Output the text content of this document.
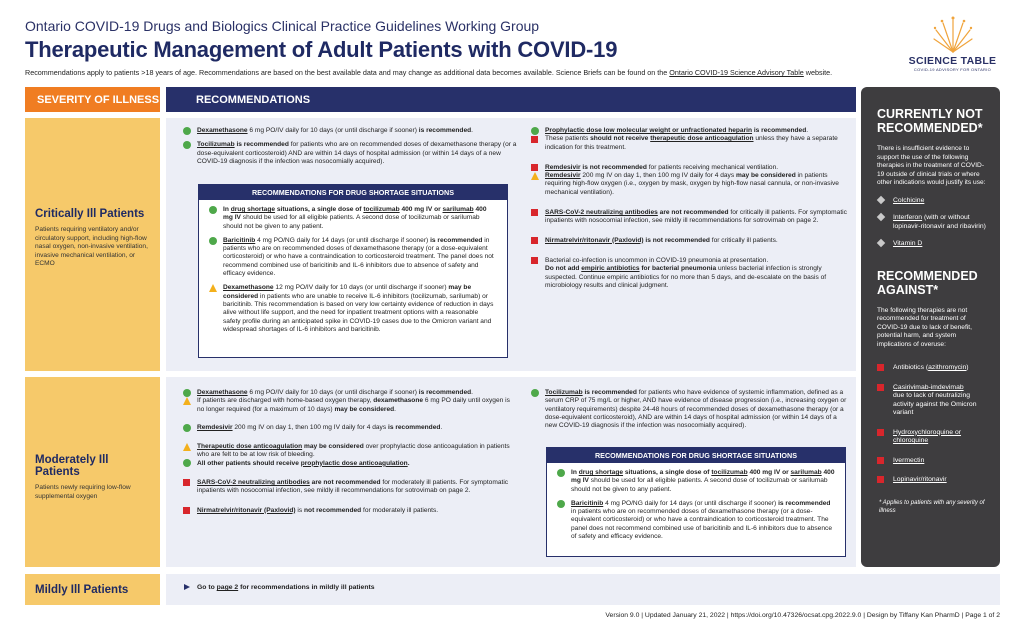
Ontario COVID-19 Drugs and Biologics Clinical Practice Guidelines Working Group
Therapeutic Management of Adult Patients with COVID-19
Recommendations apply to patients >18 years of age. Recommendations are based on the best available data and may change as additional data becomes available. Science Briefs can be found on the Ontario COVID-19 Science Advisory Table website.
SCIENCE TABLE
COVID-19 ADVISORY FOR ONTARIO
SEVERITY OF ILLNESS	RECOMMENDATIONS
Critically Ill Patients
Patients requiring ventilatory and/or circulatory support, including high-flow nasal oxygen, non-invasive ventilation, invasive mechanical ventilation, or ECMO
Dexamethasone 6 mg PO/IV daily for 10 days (or until discharge if sooner) is recommended.
Tocilizumab is recommended for patients who are on recommended doses of dexamethasone therapy (or a dose-equivalent corticosteroid) AND are within 14 days of hospital admission (or within 14 days of a new COVID-19 diagnosis if the infection was nosocomially acquired).
RECOMMENDATIONS FOR DRUG SHORTAGE SITUATIONS
In drug shortage situations, a single dose of tocilizumab 400 mg IV or sarilumab 400 mg IV should be used for all eligible patients. A second dose of tocilizumab or sarilumab should not be given to any patient.
Baricitinib 4 mg PO/NG daily for 14 days (or until discharge if sooner) is recommended in patients who are on recommended doses of dexamethasone therapy (or a dose-equivalent corticosteroid) or who have a contraindication to corticosteroid treatment. The panel does not recommend combined use of baricitinib and IL-6 inhibitors due to absence of safety and efficacy evidence.
Dexamethasone 12 mg PO/IV daily for 10 days (or until discharge if sooner) may be considered in patients who are unable to receive IL-6 inhibitors (tocilizumab, sarilumab) or baricitinib. This recommendation is based on very low certainty evidence of reduction in days alive without life support, and the need for inpatient treatment options with a reasonable safety profile during an anticipated spike in COVID-19 cases due to the Omicron variant and widespread shortages of IL-6 inhibitors and baricitinib.
Prophylactic dose low molecular weight or unfractionated heparin is recommended.

These patients should not receive therapeutic dose anticoagulation unless they have a separate indication for this treatment.
Remdesivir is not recommended for patients receiving mechanical ventilation.

Remdesivir 200 mg IV on day 1, then 100 mg IV daily for 4 days may be considered in patients requiring high-flow oxygen (i.e., oxygen by mask, oxygen by high-flow nasal cannula, or non-invasive mechanical ventilation).
SARS-CoV-2 neutralizing antibodies are not recommended for critically ill patients. For symptomatic inpatients with nosocomial infection, see mildly ill recommendations for sotrovimab on page 2.
Nirmatrelvir/ritonavir (Paxlovid) is not recommended for critically ill patients.
Bacterial co-infection is uncommon in COVID-19 pneumonia at presentation.
Do not add empiric antibiotics for bacterial pneumonia unless bacterial infection is strongly suspected. Continue empiric antibiotics for no more than 5 days, and de-escalate on the basis of microbiology results and clinical judgment.
Moderately Ill Patients
Patients newly requiring low-flow supplemental oxygen
Dexamethasone 6 mg PO/IV daily for 10 days (or until discharge if sooner) is recommended.

If patients are discharged with home-based oxygen therapy, dexamethasone 6 mg PO daily until oxygen is no longer required (for a maximum of 10 days) may be considered.
Remdesivir 200 mg IV on day 1, then 100 mg IV daily for 4 days is recommended.
Therapeutic dose anticoagulation may be considered over prophylactic dose anticoagulation in patients who are felt to be at low risk of bleeding.

All other patients should receive prophylactic dose anticoagulation.
SARS-CoV-2 neutralizing antibodies are not recommended for moderately ill patients. For symptomatic inpatients with nosocomial infection, see mildly ill recommendations for sotrovimab on page 2.
Nirmatrelvir/ritonavir (Paxlovid) is not recommended for moderately ill patients.
Tocilizumab is recommended for patients who have evidence of systemic inflammation, defined as a serum CRP of 75 mg/L or higher, AND have evidence of disease progression (i.e., increasing oxygen or ventilatory requirements) despite 24-48 hours of recommended doses of dexamethasone therapy (or a dose-equivalent corticosteroid), AND are within 14 days of hospital admission (or within 14 days of a new COVID-19 diagnosis if the infection was nosocomially acquired).
RECOMMENDATIONS FOR DRUG SHORTAGE SITUATIONS
In drug shortage situations, a single dose of tocilizumab 400 mg IV or sarilumab 400 mg IV should be used for all eligible patients. A second dose of tocilizumab or sarilumab should not be given to any patient.
Baricitinib 4 mg PO/NG daily for 14 days (or until discharge if sooner) is recommended in patients who are on recommended doses of dexamethasone therapy (or a dose-equivalent corticosteroid) or who have a contraindication to corticosteroid treatment. The panel does not recommend combined use of baricitinib and IL-6 inhibitors due to absence of safety and efficacy evidence.
Mildly Ill Patients	Go to page 2 for recommendations in mildly ill patients
CURRENTLY NOT RECOMMENDED*
There is insufficient evidence to support the use of the following therapies in the treatment of COVID-19 outside of clinical trials or where other indications would justify its use:
Colchicine
Interferon (with or without lopinavir-ritonavir and ribavirin)
Vitamin D
RECOMMENDED AGAINST*
The following therapies are not recommended for treatment of COVID-19 due to lack of benefit, potential harm, and system implications of overuse:
Antibiotics (azithromycin)
Casirivimab-imdevimab
due to lack of neutralizing activity against the Omicron variant
Hydroxychloroquine or chloroquine
Ivermectin
Lopinavir/ritonavir
* Applies to patients with any severity of illness
Version 9.0 | Updated January 21, 2022 | https://doi.org/10.47326/ocsat.cpg.2022.9.0 | Design by Tiffany Kan PharmD | Page 1 of 2
